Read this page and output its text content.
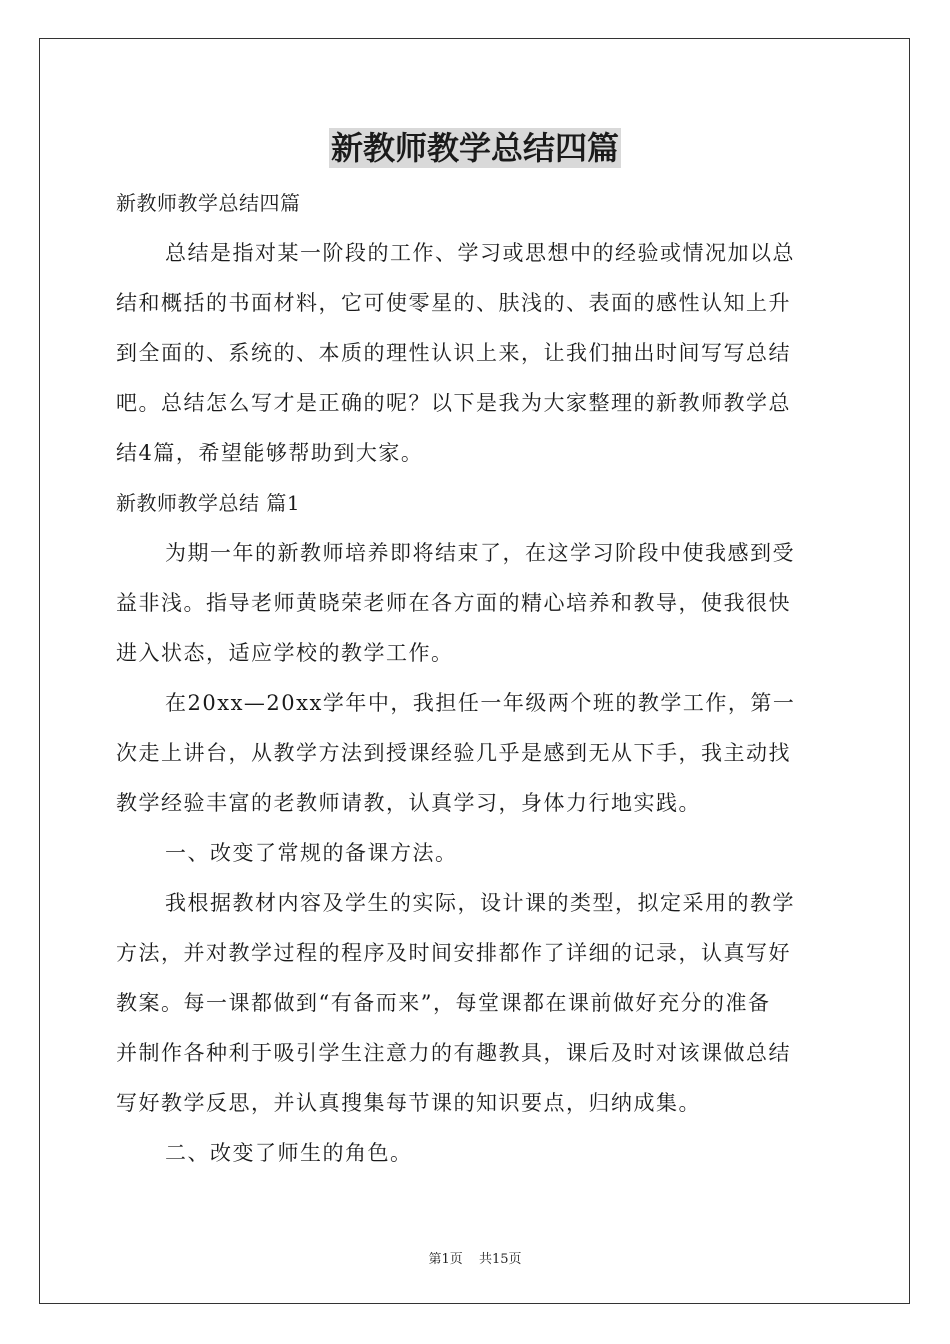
新教师教学总结四篇
新教师教学总结四篇
总结是指对某一阶段的工作、学习或思想中的经验或情况加以总
结和概括的书面材料，它可使零星的、肤浅的、表面的感性认知上升
到全面的、系统的、本质的理性认识上来，让我们抽出时间写写总结
吧。总结怎么写才是正确的呢？以下是我为大家整理的新教师教学总
结4篇，希望能够帮助到大家。
新教师教学总结 篇1
为期一年的新教师培养即将结束了，在这学习阶段中使我感到受
益非浅。指导老师黄晓荣老师在各方面的精心培养和教导，使我很快
进入状态，适应学校的教学工作。
在20xx—20xx学年中，我担任一年级两个班的教学工作，第一
次走上讲台，从教学方法到授课经验几乎是感到无从下手，我主动找
教学经验丰富的老教师请教，认真学习，身体力行地实践。
一、改变了常规的备课方法。
我根据教材内容及学生的实际，设计课的类型，拟定采用的教学
方法，并对教学过程的程序及时间安排都作了详细的记录，认真写好
教案。每一课都做到“有备而来”，每堂课都在课前做好充分的准备
并制作各种利于吸引学生注意力的有趣教具，课后及时对该课做总结
写好教学反思，并认真搜集每节课的知识要点，归纳成集。
二、改变了师生的角色。
第1页 共15页
